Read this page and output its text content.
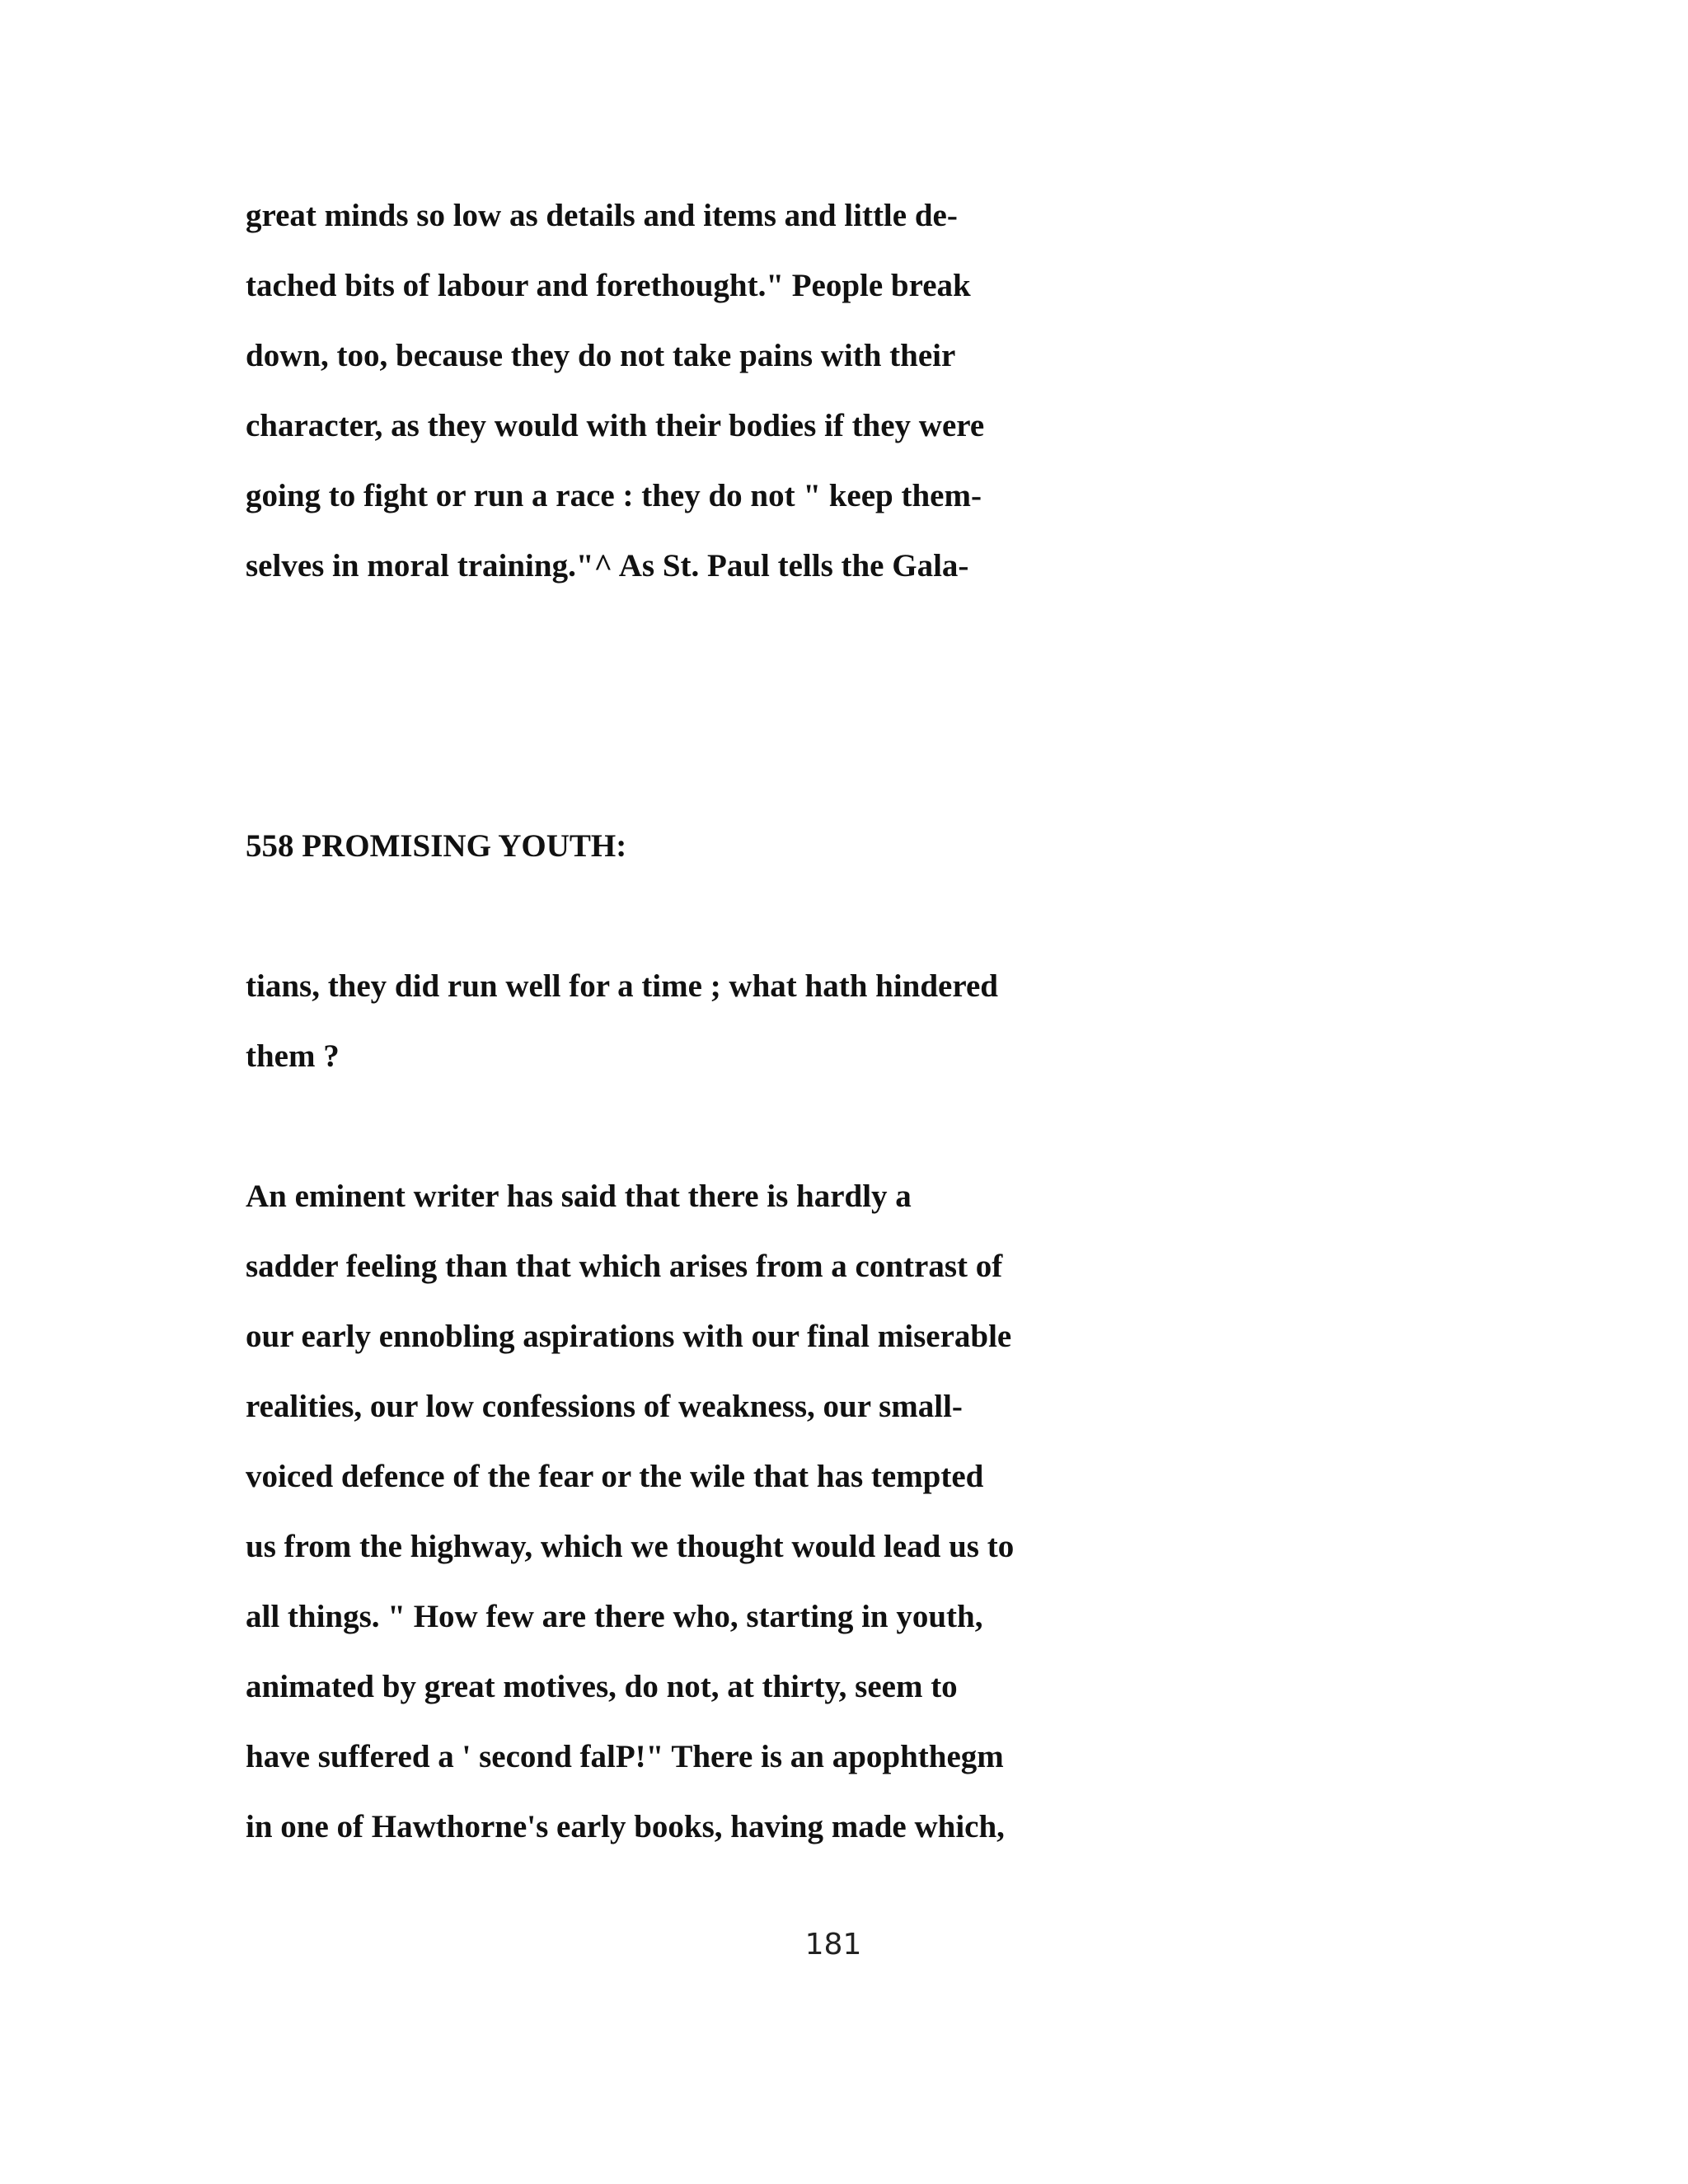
great minds so low as details and items and little de-
tached bits of labour and forethought." People break
down, too, because they do not take pains with their
character, as they would with their bodies if they were
going to fight or run a race : they do not " keep them-
selves in moral training."^ As St. Paul tells the Gala-
558 PROMISING YOUTH:
tians, they did run well for a time ; what hath hindered
them ?
An eminent writer has said that there is hardly a
sadder feeling than that which arises from a contrast of
our early ennobling aspirations with our final miserable
realities, our low confessions of weakness, our small-
voiced defence of the fear or the wile that has tempted
us from the highway, which we thought would lead us to
all things. " How few are there who, starting in youth,
animated by great motives, do not, at thirty, seem to
have suffered a ' second falP!" There is an apophthegm
in one of Hawthorne's early books, having made which,
181
